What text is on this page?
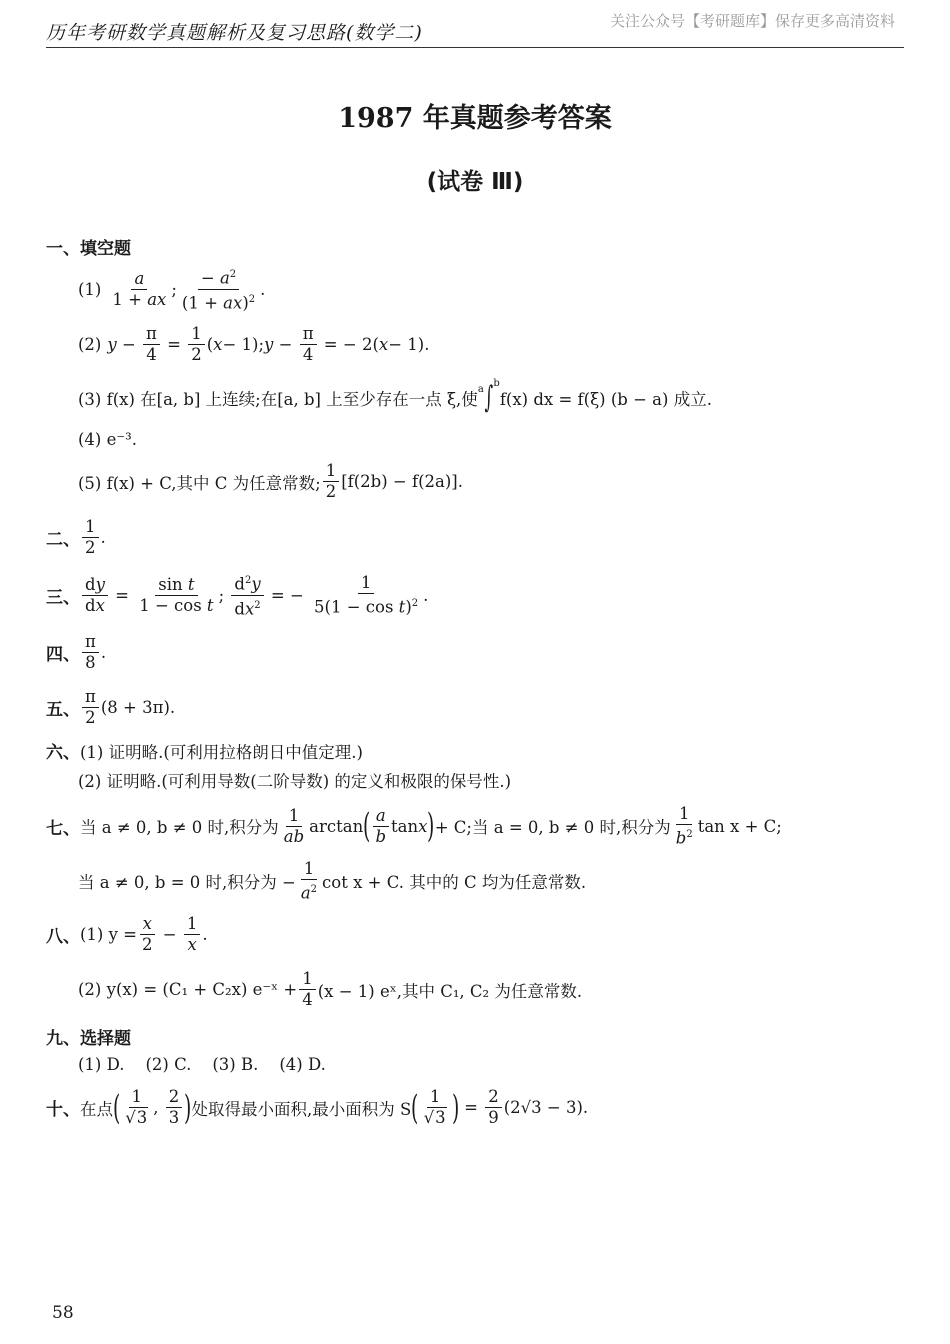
历年考研数学真题解析及复习思路(数学二)
关注公众号【考研题库】保存更多高清资料
1987 年真题参考答案
(试卷 Ⅲ)
一、填空题
$(1) \frac{a}{1 + ax}$ ; $\frac{- a^2}{(1 + ax)^2}$ .
(2) $y - \frac{\pi}{4} = \frac{1}{2}$ ( x − 1); $y - \frac{\pi}{4}$ = − 2( x − 1).
(3) f(x) 在[a, b] 上连续;在[a, b] 上至少存在一点 ξ,使
a ∫ b
f(x) dx = f(ξ) (b − a) 成立.
(4) e⁻³.
(5) f(x) + C,其中 C 为任意常数; $\frac{1}{2} [f(2b) - f(2a)]$.
二、 $\frac{1}{2}$ .
三、 $\frac{dy}{dx} = \frac{\text{sin t}}{\text{1 − cos t}}$ ; $\frac{d^2y}{dx^2}$ = − $\frac{1}{5(1 - \cos t)^2}$ .
四、 $\frac{\pi}{8}$ .
五、 $\frac{\pi}{2} (8 + 3\pi)$.
六、 (1) 证明略.(可利用拉格朗日中值定理.)
(2) 证明略.(可利用导数(二阶导数) 的定义和极限的保号性.)
七、 当 a ≠ 0, b ≠ 0 时,积分为 $\frac{1}{ab}$ arctan ( $\frac{a}{b}$ tan x ) + C;当 a = 0, b ≠ 0 时,积分为 $\frac{1}{b^2}$ tan x + C;
当 a ≠ 0, b = 0 时,积分为 − $\frac{1}{a^2}$ cot x + C. 其中的 C 均为任意常数.
八、 (1) $y = \frac{x}{2} - \frac{1}{x}$ .
(2) y(x) = (C₁ + C₂x) e⁻ˣ + $\frac{1}{4} (x - 1)$ eˣ,其中 C₁, C₂ 为任意常数.
九、选择题
(1) D.    (2) C.    (3) B.    (4) D.
十、 在点 ( $\frac{1}{√3}$ , $\frac{2}{3}$ ) 处取得最小面积,最小面积为 S ( $\frac{1}{√3}$ ) = $\frac{2}{9} (2√3 - 3)$.
58
